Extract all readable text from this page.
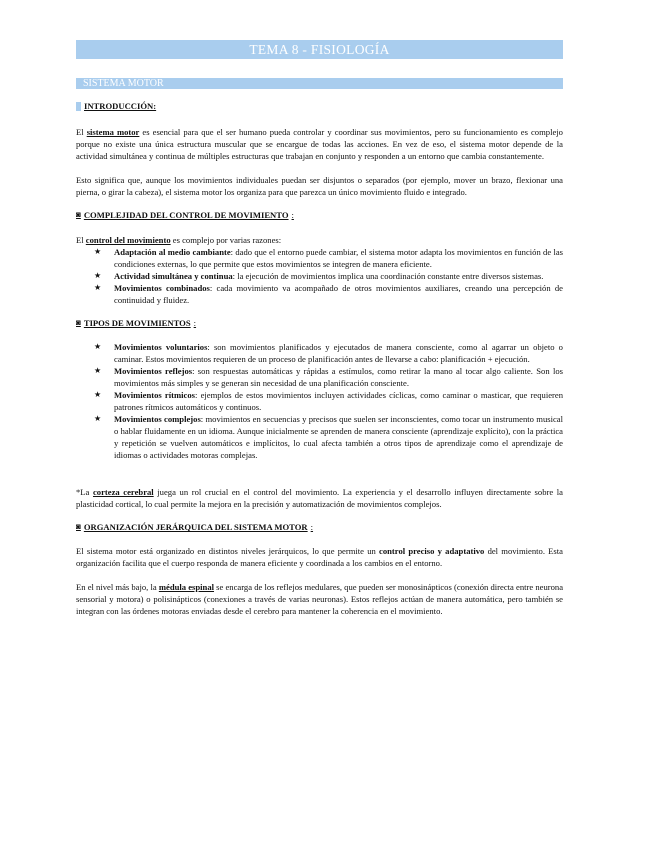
TEMA 8 - FISIOLOGÍA
SISTEMA MOTOR
INTRODUCCIÓN:

El sistema motor es esencial para que el ser humano pueda controlar y coordinar sus movimientos, pero su funcionamiento es complejo porque no existe una única estructura muscular que se encargue de todas las acciones. En vez de eso, el sistema motor depende de la actividad simultánea y continua de múltiples estructuras que trabajan en conjunto y responden a un entorno que cambia constantemente.

Esto significa que, aunque los movimientos individuales puedan ser disjuntos o separados (por ejemplo, mover un brazo, flexionar una pierna, o girar la cabeza), el sistema motor los organiza para que parezca un único movimiento fluido e integrado.

◙ COMPLEJIDAD DEL CONTROL DE MOVIMIENTO :

El control del movimiento es complejo por varias razones:

★ Adaptación al medio cambiante: dado que el entorno puede cambiar, el sistema motor adapta los movimientos en función de las condiciones externas, lo que permite que estos movimientos se integren de manera eficiente.
★ Actividad simultánea y continua: la ejecución de movimientos implica una coordinación constante entre diversos sistemas.
★ Movimientos combinados: cada movimiento va acompañado de otros movimientos auxiliares, creando una percepción de continuidad y fluidez.
◙ TIPOS DE MOVIMIENTOS :
★ Movimientos voluntarios: son movimientos planificados y ejecutados de manera consciente, como al agarrar un objeto o caminar. Estos movimientos requieren de un proceso de planificación antes de llevarse a cabo: planificación + ejecución.
★ Movimientos reflejos: son respuestas automáticas y rápidas a estímulos, como retirar la mano al tocar algo caliente. Son los movimientos más simples y se generan sin necesidad de una planificación consciente.
★ Movimientos rítmicos: ejemplos de estos movimientos incluyen actividades cíclicas, como caminar o masticar, que requieren patrones rítmicos automáticos y continuos.
★ Movimientos complejos: movimientos en secuencias y precisos que suelen ser inconscientes, como tocar un instrumento musical o hablar fluidamente en un idioma. Aunque inicialmente se aprenden de manera consciente (aprendizaje explícito), con la práctica y repetición se vuelven automáticos e implícitos, lo cual afecta también a otros tipos de aprendizaje como el aprendizaje de idiomas o actividades motoras complejas.

*La corteza cerebral juega un rol crucial en el control del movimiento. La experiencia y el desarrollo influyen directamente sobre la plasticidad cortical, lo cual permite la mejora en la precisión y automatización de movimientos complejos.

◙ ORGANIZACIÓN JERÁRQUICA DEL SISTEMA MOTOR :

El sistema motor está organizado en distintos niveles jerárquicos, lo que permite un control preciso y adaptativo del movimiento. Esta organización facilita que el cuerpo responda de manera eficiente y coordinada a los cambios en el entorno.

En el nivel más bajo, la médula espinal se encarga de los reflejos medulares, que pueden ser monosinápticos (conexión directa entre neurona sensorial y motora) o polisinápticos (conexiones a través de varias neuronas). Estos reflejos actúan de manera automática, pero también se integran con las órdenes motoras enviadas desde el cerebro para mantener la coherencia en el movimiento.
